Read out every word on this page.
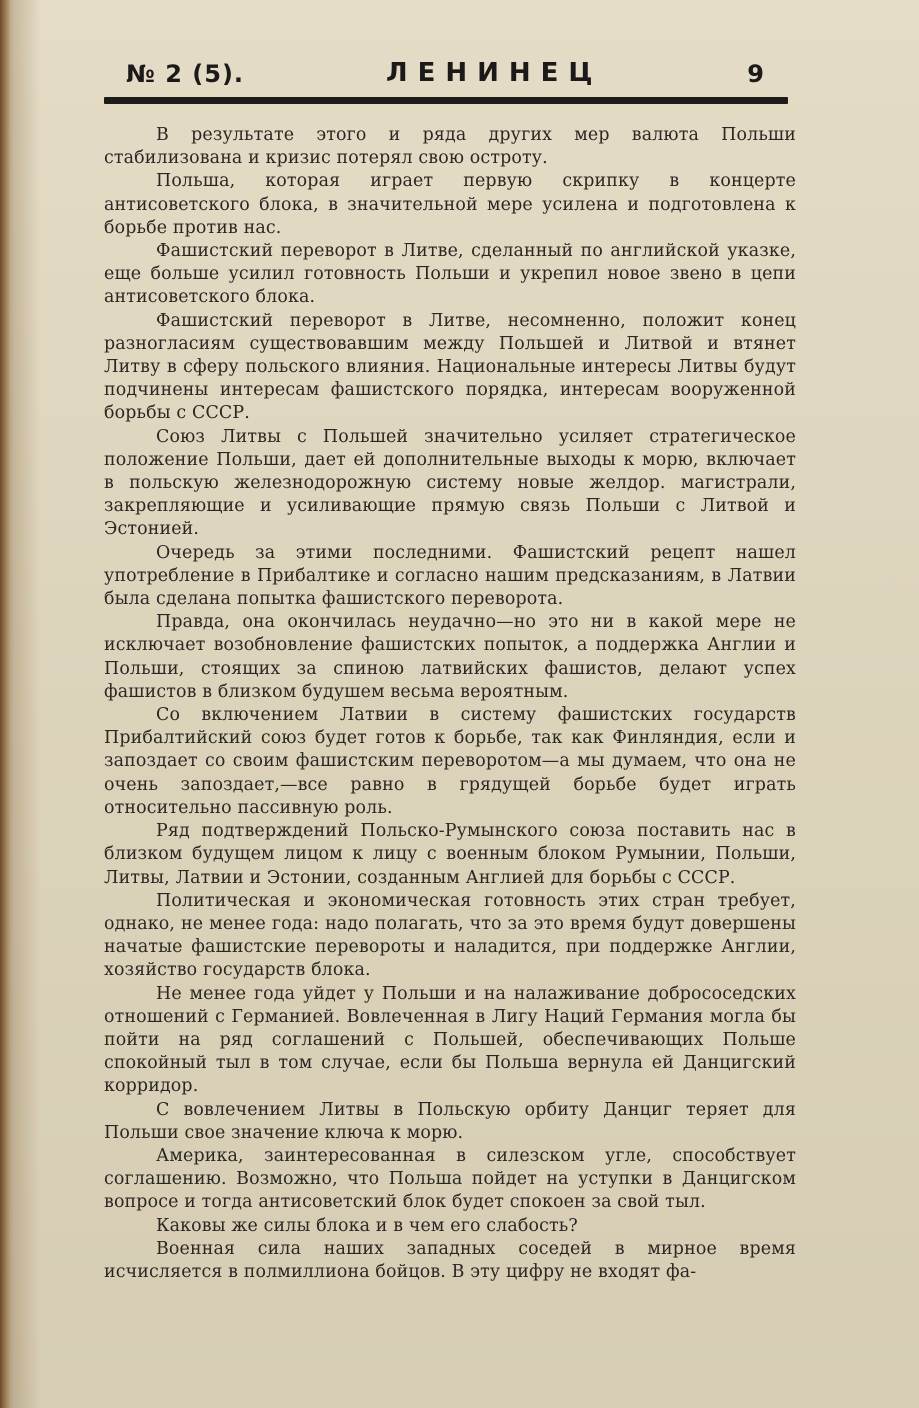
№ 2 (5).	ЛЕНИНЕЦ	9

В результате этого и ряда других мер валюта Польши стабилизована и кризис потерял свою остроту.

Польша, которая играет первую скрипку в концерте антисоветского блока, в значительной мере усилена и подготовлена к борьбе против нас.

Фашистский переворот в Литве, сделанный по английской указке, еще больше усилил готовность Польши и укрепил новое звено в цепи антисоветского блока.

Фашистский переворот в Литве, несомненно, положит конец разногласиям существовавшим между Польшей и Литвой и втянет Литву в сферу польского влияния. Национальные интересы Литвы будут подчинены интересам фашистского порядка, интересам вооруженной борьбы с СССР.

Союз Литвы с Польшей значительно усиляет стратегическое положение Польши, дает ей дополнительные выходы к морю, включает в польскую железнодорожную систему новые желдор. магистрали, закрепляющие и усиливающие прямую связь Польши с Литвой и Эстонией.

Очередь за этими последними. Фашистский рецепт нашел употребление в Прибалтике и согласно нашим предсказаниям, в Латвии была сделана попытка фашистского переворота.

Правда, она окончилась неудачно—но это ни в какой мере не исключает возобновление фашистских попыток, а поддержка Англии и Польши, стоящих за спиною латвийских фашистов, делают успех фашистов в близком будушем весьма вероятным.

Со включением Латвии в систему фашистских государств Прибалтийский союз будет готов к борьбе, так как Финляндия, если и запоздает со своим фашистским переворотом—а мы думаем, что она не очень запоздает,—все равно в грядущей борьбе будет играть относительно пассивную роль.

Ряд подтверждений Польско-Румынского союза поставить нас в близком будущем лицом к лицу с военным блоком Румынии, Польши, Литвы, Латвии и Эстонии, созданным Англией для борьбы с СССР.

Политическая и экономическая готовность этих стран требует, однако, не менее года: надо полагать, что за это время будут довершены начатые фашистские перевороты и наладится, при поддержке Англии, хозяйство государств блока.

Не менее года уйдет у Польши и на налаживание добрососедских отношений с Германией. Вовлеченная в Лигу Наций Германия могла бы пойти на ряд соглашений с Польшей, обеспечивающих Польше спокойный тыл в том случае, если бы Польша вернула ей Данцигский корридор.

С вовлечением Литвы в Польскую орбиту Данциг теряет для Польши свое значение ключа к морю.

Америка, заинтересованная в силезском угле, способствует соглашению. Возможно, что Польша пойдет на уступки в Данцигском вопросе и тогда антисоветский блок будет спокоен за свой тыл.

Каковы же силы блока и в чем его слабость?

Военная сила наших западных соседей в мирное время исчисляется в полмиллиона бойцов. В эту цифру не входят фа-
